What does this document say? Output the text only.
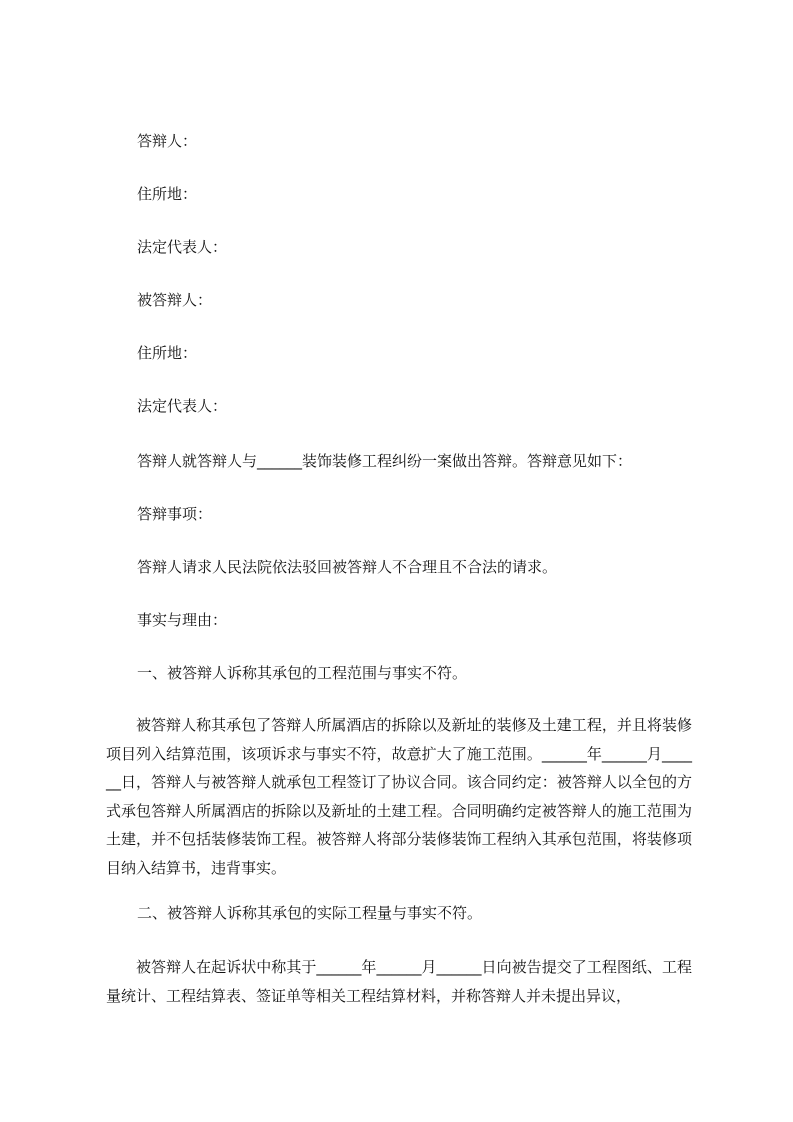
答辩人：

住所地：

法定代表人：

被答辩人：

住所地：

法定代表人：

答辩人就答辩人与______装饰装修工程纠纷一案做出答辩。答辩意见如下：

答辩事项：

答辩人请求人民法院依法驳回被答辩人不合理且不合法的请求。

事实与理由：

一、被答辩人诉称其承包的工程范围与事实不符。

被答辩人称其承包了答辩人所属酒店的拆除以及新址的装修及土建工程，并且将装修项目列入结算范围，该项诉求与事实不符，故意扩大了施工范围。______年______月______日，答辩人与被答辩人就承包工程签订了协议合同。该合同约定：被答辩人以全包的方式承包答辩人所属酒店的拆除以及新址的土建工程。合同明确约定被答辩人的施工范围为土建，并不包括装修装饰工程。被答辩人将部分装修装饰工程纳入其承包范围，将装修项目纳入结算书，违背事实。

二、被答辩人诉称其承包的实际工程量与事实不符。

被答辩人在起诉状中称其于______年______月______日向被告提交了工程图纸、工程量统计、工程结算表、签证单等相关工程结算材料，并称答辩人并未提出异议，
